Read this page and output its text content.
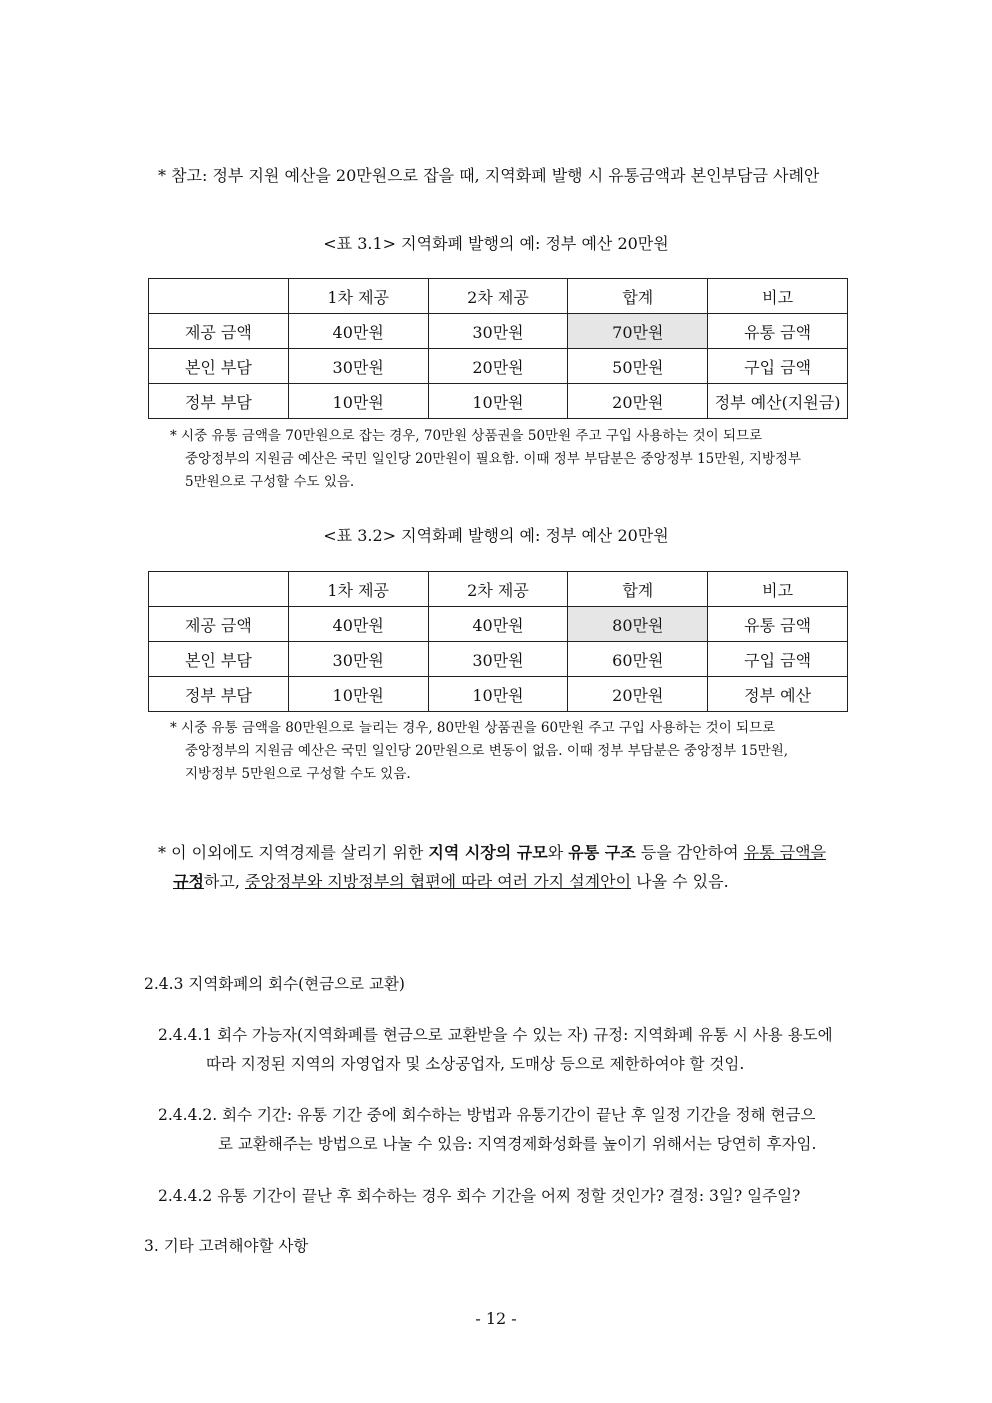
* 참고: 정부 지원 예산을 20만원으로 잡을 때, 지역화폐 발행 시 유통금액과 본인부담금 사례안
<표 3.1> 지역화폐 발행의 예: 정부 예산 20만원
	1차 제공	2차 제공	합계	비고
제공 금액	40만원	30만원	70만원	유통 금액
본인 부담	30만원	20만원	50만원	구입 금액
정부 부담	10만원	10만원	20만원	정부 예산(지원금)
* 시중 유통 금액을 70만원으로 잡는 경우, 70만원 상품권을 50만원 주고 구입 사용하는 것이 되므로
중앙정부의 지원금 예산은 국민 일인당 20만원이 필요함. 이때 정부 부담분은 중앙정부 15만원, 지방정부
5만원으로 구성할 수도 있음.
<표 3.2> 지역화폐 발행의 예: 정부 예산 20만원
	1차 제공	2차 제공	합계	비고
제공 금액	40만원	40만원	80만원	유통 금액
본인 부담	30만원	30만원	60만원	구입 금액
정부 부담	10만원	10만원	20만원	정부 예산
* 시중 유통 금액을 80만원으로 늘리는 경우, 80만원 상품권을 60만원 주고 구입 사용하는 것이 되므로
중앙정부의 지원금 예산은 국민 일인당 20만원으로 변동이 없음. 이때 정부 부담분은 중앙정부 15만원,
지방정부 5만원으로 구성할 수도 있음.
* 이 이외에도 지역경제를 살리기 위한 지역 시장의 규모와 유통 구조 등을 감안하여 유통 금액을
규정하고, 중앙정부와 지방정부의 협편에 따라 여러 가지 설계안이 나올 수 있음.
2.4.3 지역화폐의 회수(현금으로 교환)
2.4.4.1 회수 가능자(지역화폐를 현금으로 교환받을 수 있는 자) 규정: 지역화폐 유통 시 사용 용도에
따라 지정된 지역의 자영업자 및 소상공업자, 도매상 등으로 제한하여야 할 것임.
2.4.4.2. 회수 기간: 유통 기간 중에 회수하는 방법과 유통기간이 끝난 후 일정 기간을 정해 현금으
로 교환해주는 방법으로 나눌 수 있음: 지역경제화성화를 높이기 위해서는 당연히 후자임.
2.4.4.2 유통 기간이 끝난 후 회수하는 경우 회수 기간을 어찌 정할 것인가? 결정: 3일? 일주일?
3. 기타 고려해야할 사항
- 12 -
